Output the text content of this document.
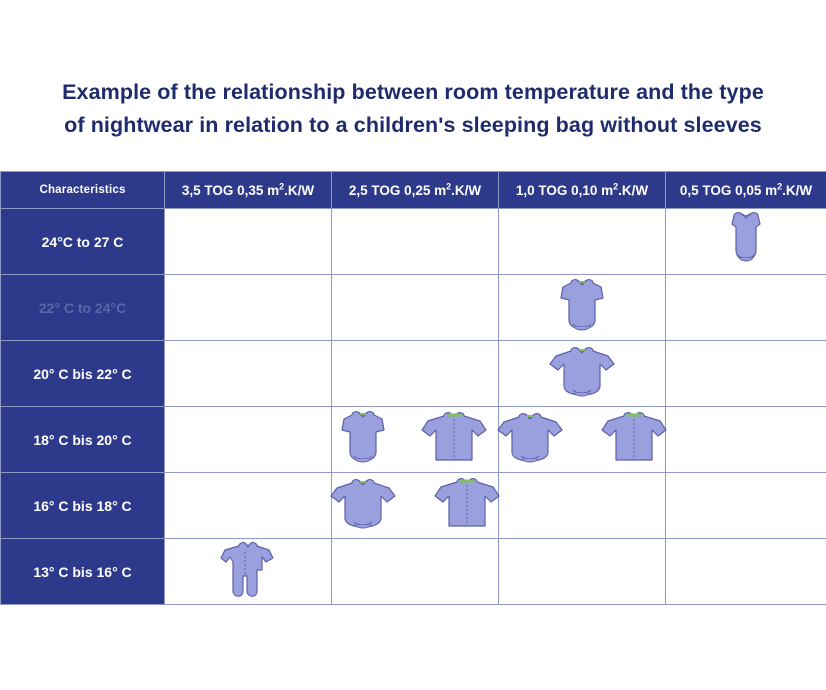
Example of the relationship between room temperature and the type
of nightwear in relation to a children's sleeping bag without sleeves
Characteristics	3,5 TOG 0,35 $m^2.K/W$	2,5 TOG 0,25 $m^2.K/W$	1,0 TOG 0,10 $m^2.K/W$	0,5 TOG 0,05 $m^2.K/W$
24°C to 27 C	

22° C to 24°C	

20° C bis 22° C	

18° C bis 20° C	

16° C bis 18° C	

13° C bis 16° C	
